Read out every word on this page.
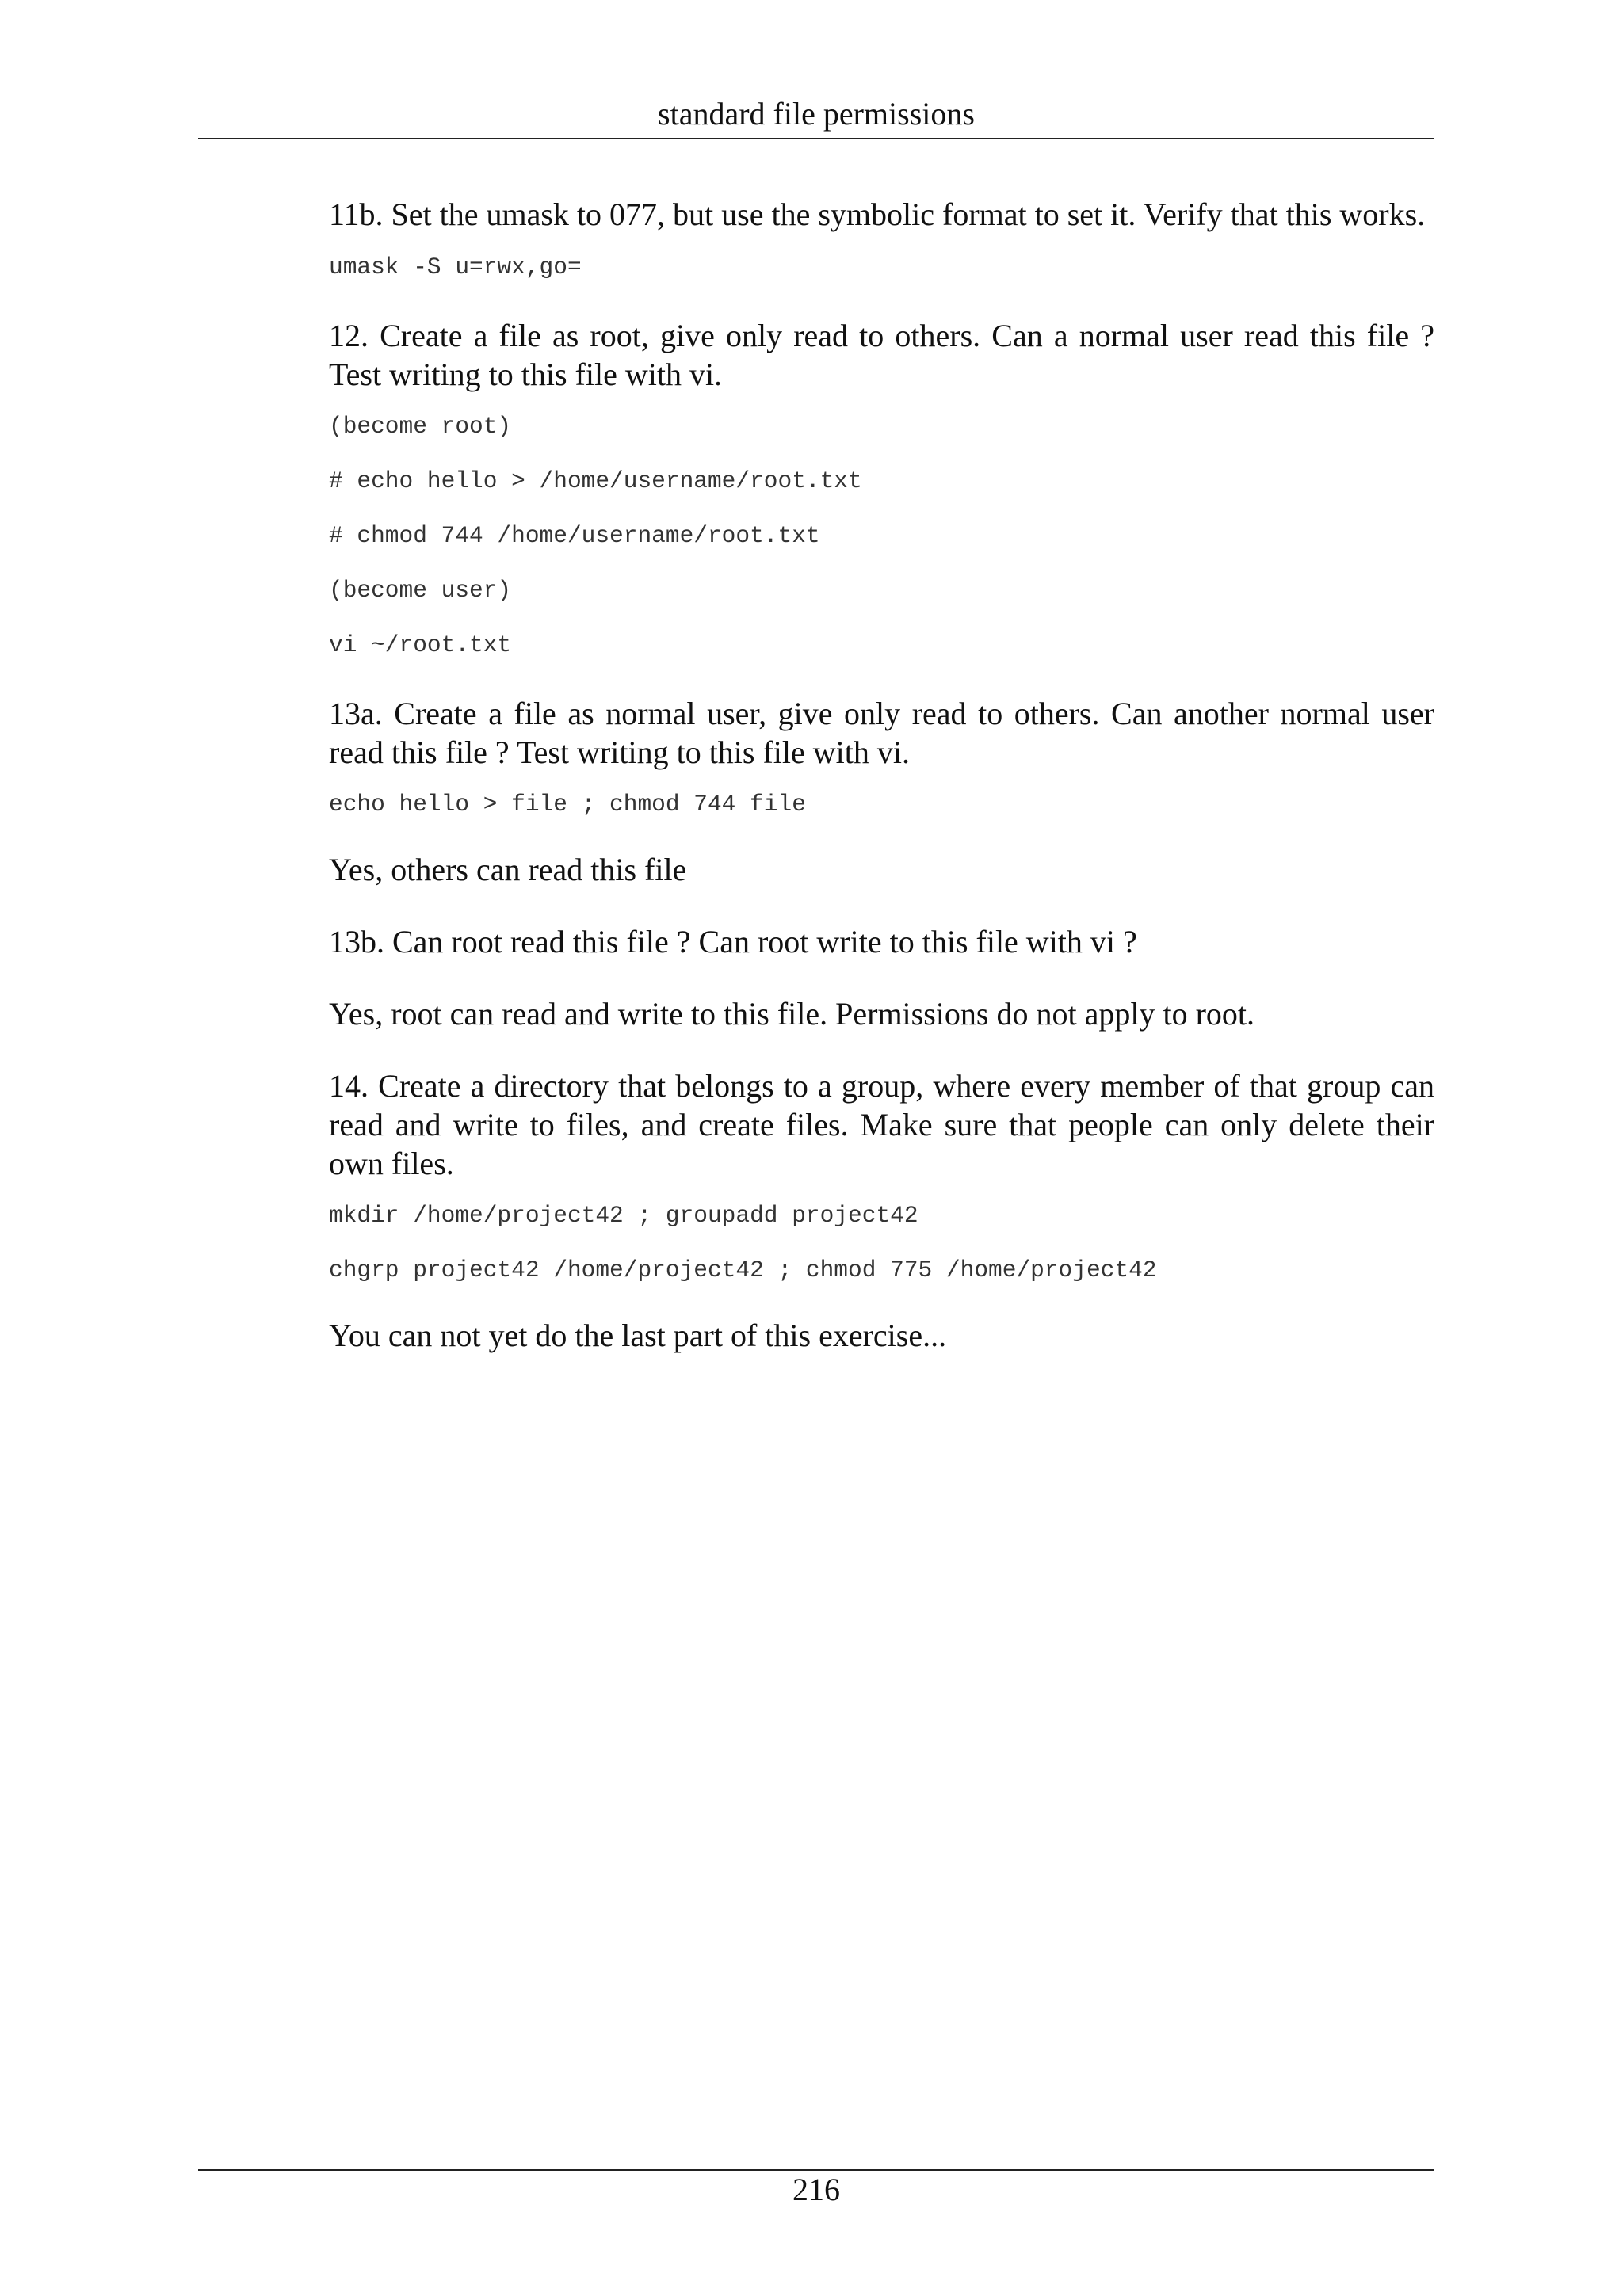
standard file permissions

11b. Set the umask to 077, but use the symbolic format to set it. Verify that this works.

umask -S u=rwx,go=

12. Create a file as root, give only read to others. Can a normal user read this file ? Test writing to this file with vi.

(become root)

# echo hello > /home/username/root.txt

# chmod 744 /home/username/root.txt

(become user)

vi ~/root.txt

13a. Create a file as normal user, give only read to others. Can another normal user read this file ? Test writing to this file with vi.

echo hello > file ; chmod 744 file

Yes, others can read this file

13b. Can root read this file ? Can root write to this file with vi ?

Yes, root can read and write to this file. Permissions do not apply to root.

14. Create a directory that belongs to a group, where every member of that group can read and write to files, and create files. Make sure that people can only delete their own files.

mkdir /home/project42 ; groupadd project42

chgrp project42 /home/project42 ; chmod 775 /home/project42

You can not yet do the last part of this exercise...

216
